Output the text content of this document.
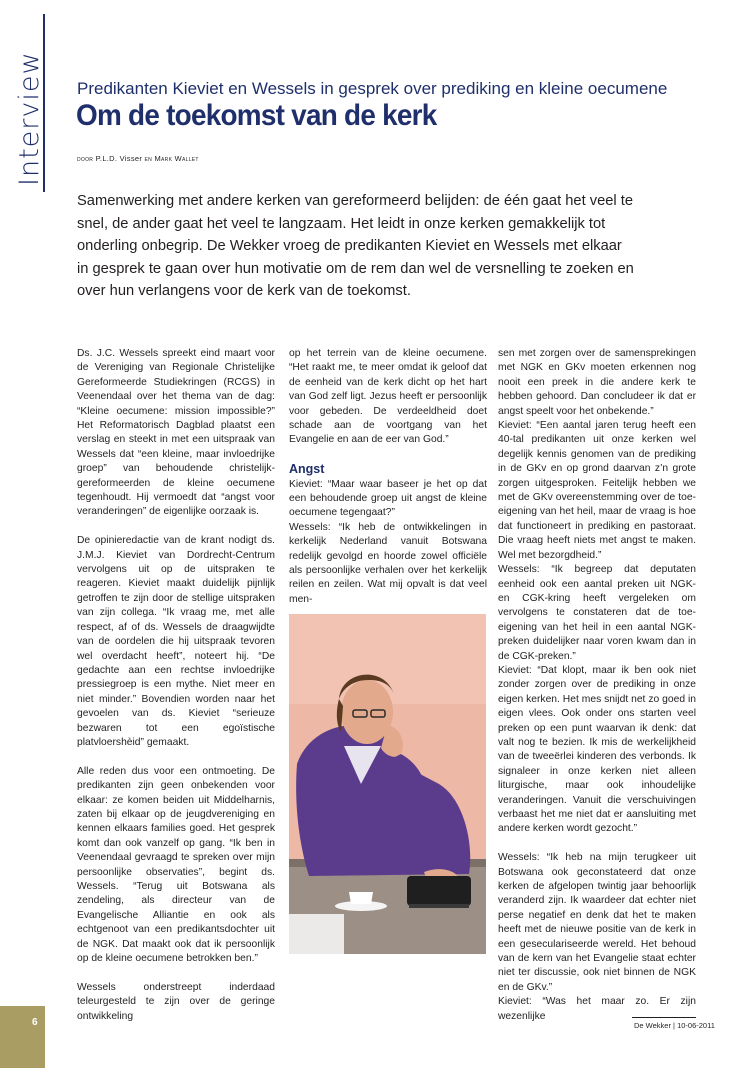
Interview Predikanten Kieviet en Wessels in gesprek over prediking en kleine oecumene
Om de toekomst van de kerk
door P.L.D. Visser en Mark Wallet

Samenwerking met andere kerken van gereformeerd belijden: de één gaat het veel te snel, de ander gaat het veel te langzaam. Het leidt in onze kerken gemakkelijk tot onderling onbegrip. De Wekker vroeg de predikanten Kieviet en Wessels met elkaar in gesprek te gaan over hun motivatie om de rem dan wel de versnelling te zoeken en over hun verlangens voor de kerk van de toekomst.

Ds. J.C. Wessels spreekt eind maart voor de Vereniging van Regionale Christelijke Gereformeerde Studiekringen (RCGS) in Veenendaal over het thema van de dag: “Kleine oecumene: mission impossible?” Het Reformatorisch Dagblad plaatst een verslag en steekt in met een uitspraak van Wessels dat “een kleine, maar invloedrijke groep” van behoudende christelijk-gereformeerden de kleine oecumene tegenhoudt. Hij vermoedt dat “angst voor veranderingen” de eigenlijke oorzaak is.

De opinieredactie van de krant nodigt ds. J.M.J. Kieviet van Dordrecht-Centrum vervolgens uit op de uitspraken te reageren. Kieviet maakt duidelijk pijnlijk getroffen te zijn door de stellige uitspraken van zijn collega. “Ik vraag me, met alle respect, af of ds. Wessels de draagwijdte van de oordelen die hij uitspraak tevoren wel overdacht heeft”, noteert hij. “De gedachte aan een rechtse invloedrijke pressiegroep is een mythe. Niet meer en niet minder.” Bovendien worden naar het gevoelen van ds. Kieviet “serieuze bezwaren tot een egoïstische platvloershèid” gemaakt.

Alle reden dus voor een ontmoeting. De predikanten zijn geen onbekenden voor elkaar: ze komen beiden uit Middelharnis, zaten bij elkaar op de jeugdvereniging en kennen elkaars families goed. Het gesprek komt dan ook vanzelf op gang. “Ik ben in Veenendaal gevraagd te spreken over mijn persoonlijke observaties”, begint ds. Wessels. “Terug uit Botswana als zendeling, als directeur van de Evangelische Alliantie en ook als echtgenoot van een predikantsdochter uit de NGK. Dat maakt ook dat ik persoonlijk op de kleine oecumene betrokken ben.”

Wessels onderstreept inderdaad teleurgesteld te zijn over de geringe ontwikkeling

op het terrein van de kleine oecumene. “Het raakt me, te meer omdat ik geloof dat de eenheid van de kerk dicht op het hart van God zelf ligt. Jezus heeft er persoonlijk voor gebeden. De verdeeldheid doet schade aan de voortgang van het Evangelie en aan de eer van God.”

Angst

Kieviet: “Maar waar baseer je het op dat een behoudende groep uit angst de kleine oecumene tegengaat?”

Wessels: “Ik heb de ontwikkelingen in kerkelijk Nederland vanuit Botswana redelijk gevolgd en hoorde zowel officiële als persoonlijke verhalen over het kerkelijk reilen en zeilen. Wat mij opvalt is dat veel men-

sen met zorgen over de samensprekingen met NGK en GKv moeten erkennen nog nooit een preek in die andere kerk te hebben gehoord. Dan concludeer ik dat er angst speelt voor het onbekende.”

Kieviet: “Een aantal jaren terug heeft een 40-tal predikanten uit onze kerken wel degelijk kennis genomen van de prediking in de GKv en op grond daarvan z’n grote zorgen uitgesproken. Feitelijk hebben we met de GKv overeenstemming over de toe-eigening van het heil, maar de vraag is hoe dat functioneert in prediking en pastoraat. Die vraag heeft niets met angst te maken. Wel met bezorgdheid.”

Wessels: “Ik begreep dat deputaten eenheid ook een aantal preken uit NGK- en CGK-kring heeft vergeleken om vervolgens te constateren dat de toe-eigening van het heil in een aantal NGK-preken duidelijker naar voren kwam dan in de CGK-preken.”

Kieviet: “Dat klopt, maar ik ben ook niet zonder zorgen over de prediking in onze eigen kerken. Het mes snijdt net zo goed in eigen vlees. Ook onder ons starten veel preken op een punt waarvan ik denk: dat valt nog te bezien. Ik mis de werkelijkheid van de tweeërlei kinderen des verbonds. Ik signaleer in onze kerken niet alleen liturgische, maar ook inhoudelijke veranderingen. Vanuit die verschuivingen verbaast het me niet dat er aansluiting met andere kerken wordt gezocht.”

Wessels: “Ik heb na mijn terugkeer uit Botswana ook geconstateerd dat onze kerken de afgelopen twintig jaar behoorlijk veranderd zijn. Ik waardeer dat echter niet perse negatief en denk dat het te maken heeft met de nieuwe positie van de kerk in een geseculariseerde wereld. Het behoud van de kern van het Evangelie staat echter niet ter discussie, ook niet binnen de NGK en de GKv.”

Kieviet: “Was het maar zo. Er zijn wezenlijke

6	De Wekker | 10-06-2011
